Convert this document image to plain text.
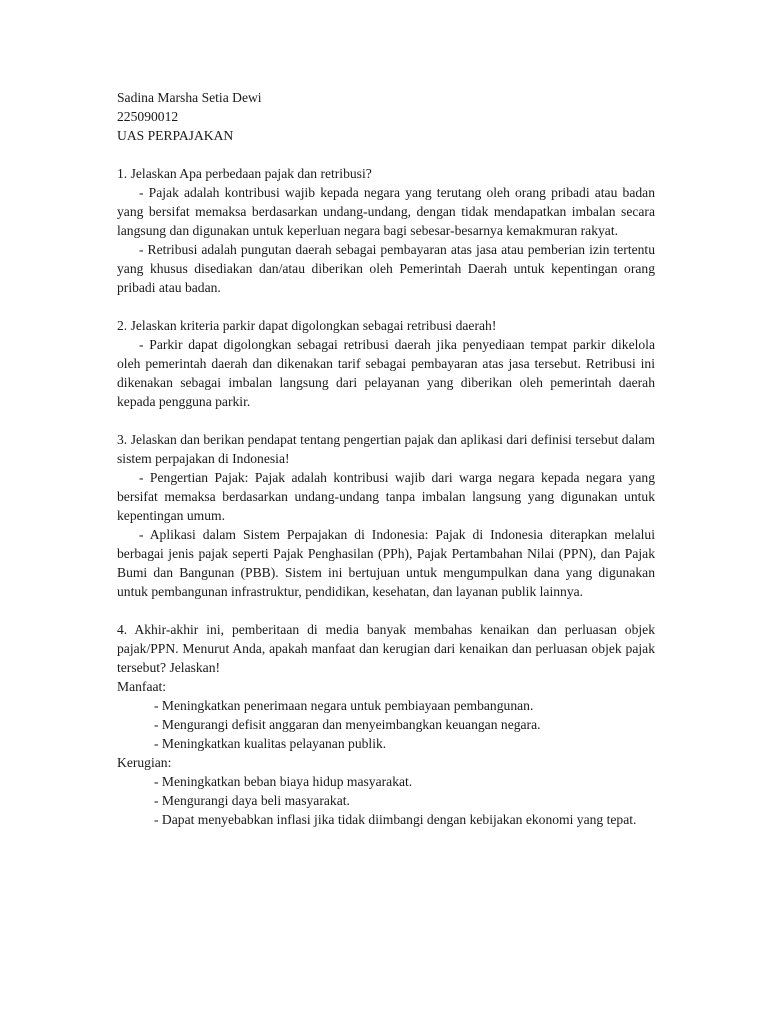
Sadina Marsha Setia Dewi

225090012

UAS PERPAJAKAN

1. Jelaskan Apa perbedaan pajak dan retribusi?

- Pajak adalah kontribusi wajib kepada negara yang terutang oleh orang pribadi atau badan yang bersifat memaksa berdasarkan undang-undang, dengan tidak mendapatkan imbalan secara langsung dan digunakan untuk keperluan negara bagi sebesar-besarnya kemakmuran rakyat.

- Retribusi adalah pungutan daerah sebagai pembayaran atas jasa atau pemberian izin tertentu yang khusus disediakan dan/atau diberikan oleh Pemerintah Daerah untuk kepentingan orang pribadi atau badan.

2. Jelaskan kriteria parkir dapat digolongkan sebagai retribusi daerah!

- Parkir dapat digolongkan sebagai retribusi daerah jika penyediaan tempat parkir dikelola oleh pemerintah daerah dan dikenakan tarif sebagai pembayaran atas jasa tersebut. Retribusi ini dikenakan sebagai imbalan langsung dari pelayanan yang diberikan oleh pemerintah daerah kepada pengguna parkir.

3. Jelaskan dan berikan pendapat tentang pengertian pajak dan aplikasi dari definisi tersebut dalam sistem perpajakan di Indonesia!

- Pengertian Pajak: Pajak adalah kontribusi wajib dari warga negara kepada negara yang bersifat memaksa berdasarkan undang-undang tanpa imbalan langsung yang digunakan untuk kepentingan umum.

- Aplikasi dalam Sistem Perpajakan di Indonesia: Pajak di Indonesia diterapkan melalui berbagai jenis pajak seperti Pajak Penghasilan (PPh), Pajak Pertambahan Nilai (PPN), dan Pajak Bumi dan Bangunan (PBB). Sistem ini bertujuan untuk mengumpulkan dana yang digunakan untuk pembangunan infrastruktur, pendidikan, kesehatan, dan layanan publik lainnya.

4. Akhir-akhir ini, pemberitaan di media banyak membahas kenaikan dan perluasan objek pajak/PPN. Menurut Anda, apakah manfaat dan kerugian dari kenaikan dan perluasan objek pajak tersebut? Jelaskan!

Manfaat:

- Meningkatkan penerimaan negara untuk pembiayaan pembangunan.

- Mengurangi defisit anggaran dan menyeimbangkan keuangan negara.

- Meningkatkan kualitas pelayanan publik.

Kerugian:

- Meningkatkan beban biaya hidup masyarakat.

- Mengurangi daya beli masyarakat.

- Dapat menyebabkan inflasi jika tidak diimbangi dengan kebijakan ekonomi yang tepat.
